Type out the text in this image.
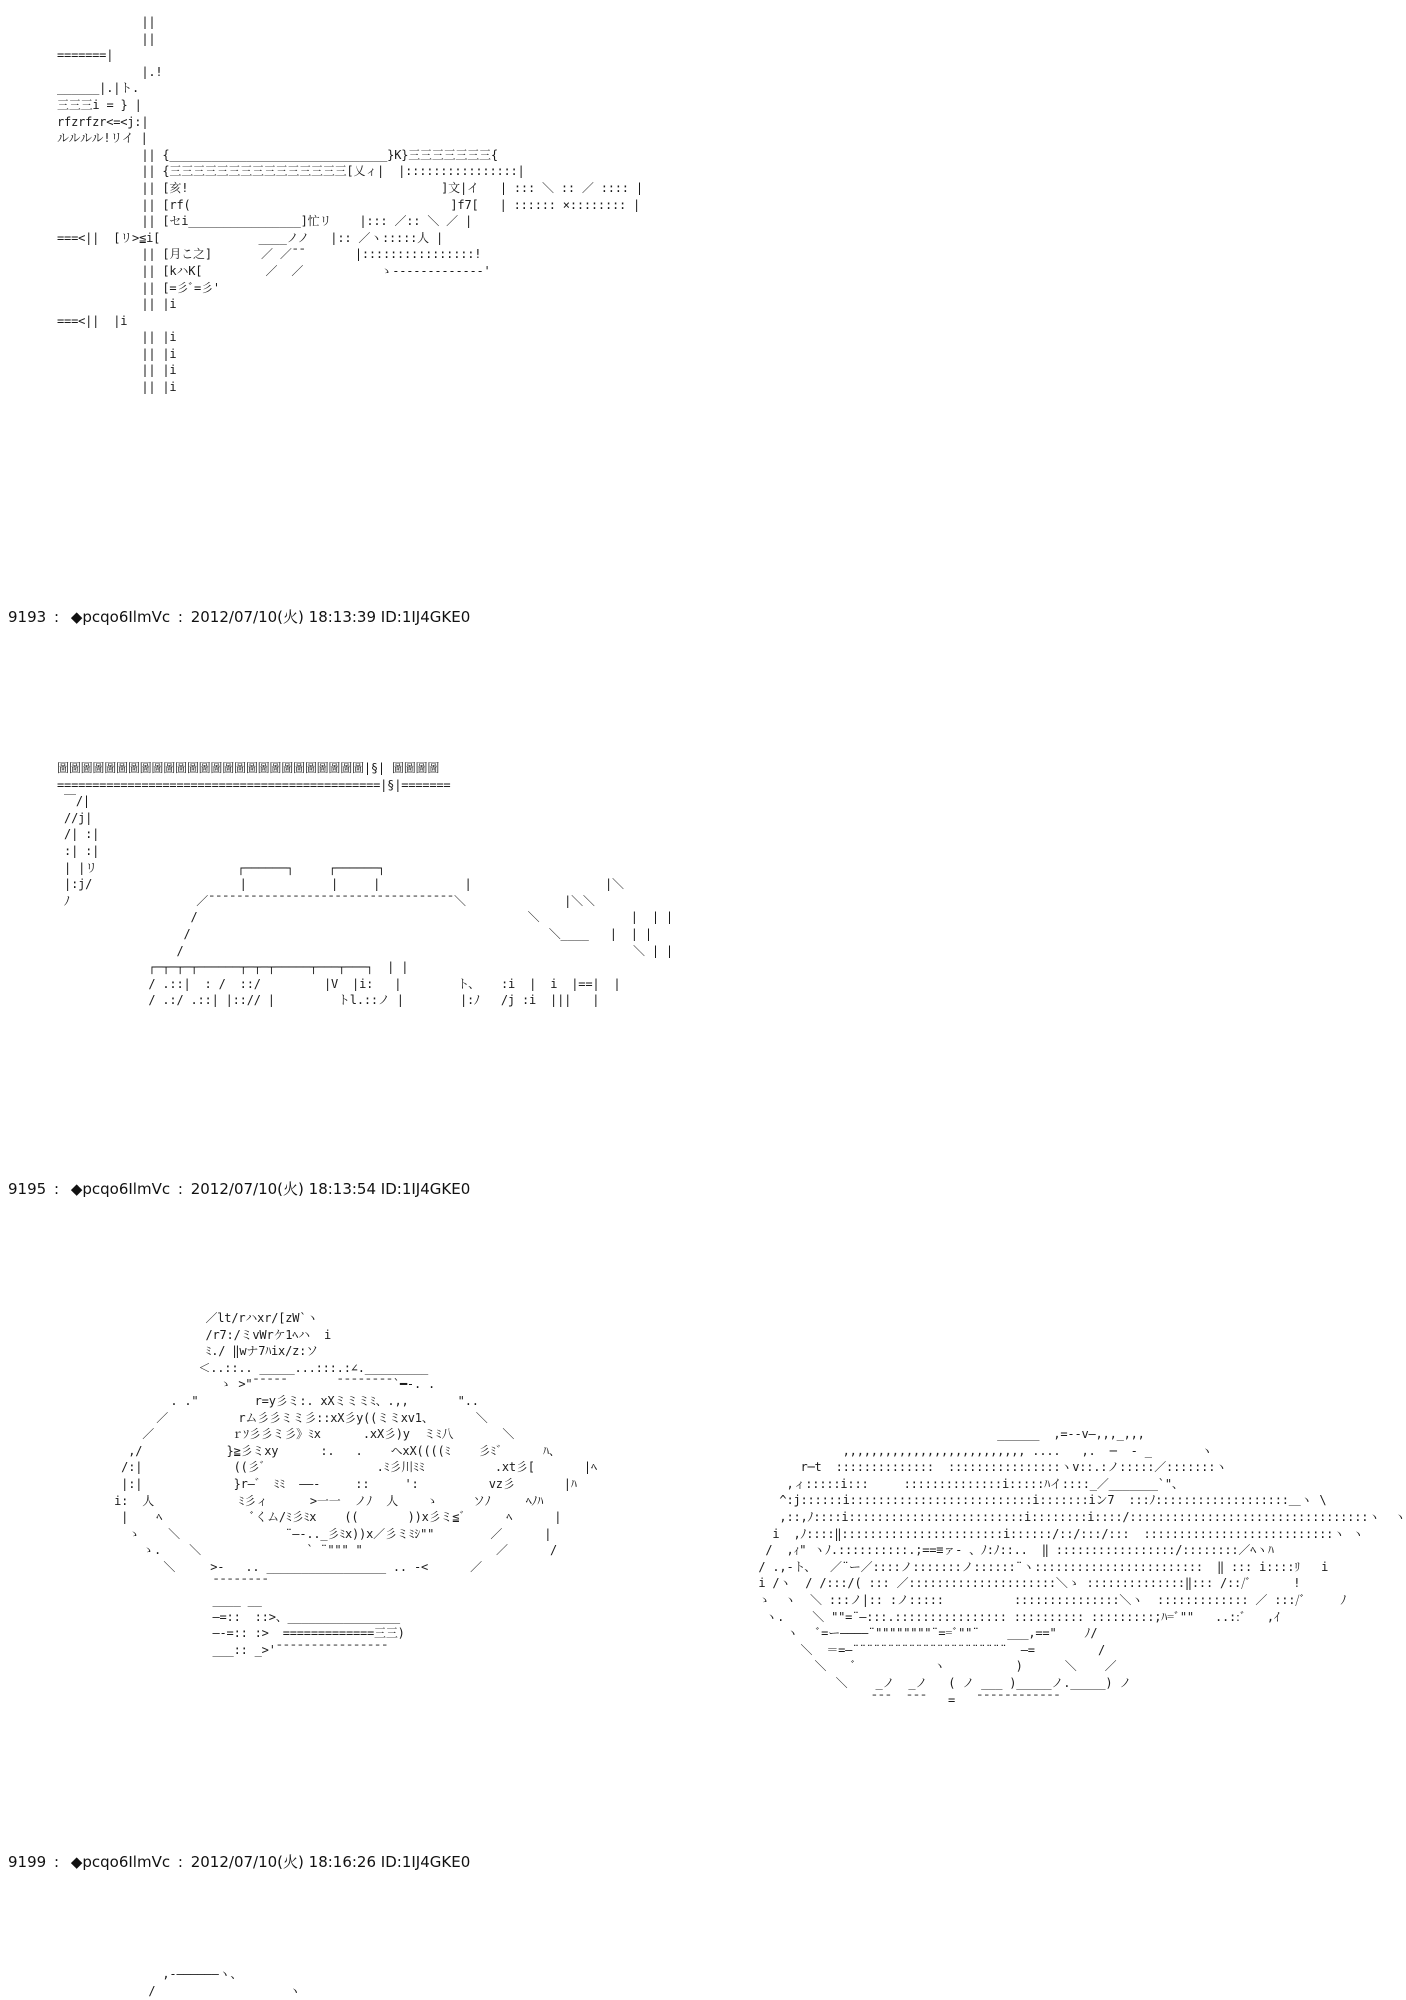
||
||
=======|
|.!
______|.|ト.
三三三i = } |
rfzrfzr<=<j:|
ルルルル!リイ |
|| {_______________________________}K}三三三三三三三{
|| {三三三三三三三三三三三三三三三[乂ィ|  |::::::::::::::::|
|| [亥!                                    ]文|イ   | ::: ＼ :: ／ :::: |
|| [rf(                                     ]f7[   | :::::: ×:::::::: |
|| [セi________________]忙リ    |::: ／:: ＼ ／ |
===<||  [リ>≦i[              ____ノノ   |:: ／ヽ:::::人 |
|| [月こ之]       ／ ／¯¯       |::::::::::::::::!
|| [kハK[         ／  ／           ゝ-------------'
|| [=彡ﾞ=彡'
|| |i
===<||  |i
|| |i
|| |i
|| |i
|| |i
9193 : ◆pcqo6IlmVc : 2012/07/10(火) 18:13:39 ID:1IJ4GKE0
圖圖圖圖圖圖圖圖圖圖圖圖圖圖圖圖圖圖圖圖圖圖圖圖圖圖|§| 圖圖圖圖
==============================================|§|=======
￣/|
//j|
/| :|
:| :|
| |リ                    ┌──────┐     ┌──────┐
|:j/                     |            |     |            |                   |＼
ﾉ                  ／¯¯¯¯¯¯¯¯¯¯¯¯¯¯¯¯¯¯¯¯¯¯¯¯¯¯¯¯¯¯¯¯¯¯¯＼              |＼＼
/                                               ＼             |  | |
/                                                   ＼____   |  | |
/                                                                ＼ | |
┌─┬─┬─┬──────┬─┬─┬─────┬───┬───┐  | |
/ .::|  : /  ::/         |V  |i:   |        ト、   :i  |  i  |==|  |
/ .:/ .::| |::// |         トl.::ノ |        |:ﾉ   /j :i  |||   |
9195 : ◆pcqo6IlmVc : 2012/07/10(火) 18:13:54 ID:1IJ4GKE0
／lt/rハxr/[zW`ヽ
/r7:/ミvWrケ1ﾍハ  i
ﾐ./ ‖wナ7ﾊix/z:ソ
＜..::.. _____...:::.:∠._________
ゝ >"¯¯¯¯¯       ¯¯¯¯¯¯¯¯`━-. .
. ."        r=y彡ミ:. xXミミミﾐ、.,,       "..
／          rム彡彡ミミ彡::xX彡y((ミミxv1、      ＼
／           ｒｿ彡彡ミ彡》ﾐx      .xX彡)y  ミﾐ八       ＼
,/            }≧彡ミxy      :.   .    ヘxX((((ﾐ    彡ﾐ゛     ﾊ、
/:|             ((彡゛               .ﾐ彡川ﾐﾐ          .xt彡[       |ﾍ
|:|             }r―゛ ﾐﾐ  ――-     ::     ':          vz彡       |ﾊ
i:  人            ﾐ彡ィ      >一一  ノﾉ  人    ゝ     ソﾉ     ﾍﾉﾊ
|    ﾍ             ﾞくム/ﾐ彡ﾐx    ((       ))x彡ミ≦゛     ﾍ      |
ゝ    ＼               ¨―-.._彡ﾐx))x／彡ミﾐｼ""        ／      |
ゝ.    ＼               ` ¨""" "                   ／      /
＼     >-   .. _________________ .. -<      ／
¯¯¯¯¯¯¯¯
____ __
―=::  ::>、________________
―-=:: :>  =============三三)
___:: _>'¯¯¯¯¯¯¯¯¯¯¯¯¯¯¯¯
______  ,=--v―,,,_,,,
,,,,,,,,,,,,,,,,,,,,,,,,,, ....   ,.  ─  ‐ _       ヽ
r─t  ::::::::::::::  ::::::::::::::::ヽv::.:ノ:::::／:::::::ヽ
,ィ:::::i:::     ::::::::::::::i:::::ﾊイ::::_／_______`"、
^:j::::::i::::::::::::::::::::::::::i:::::::iン7  :::ﾉ:::::::::::::::::::＿ヽ \
,::,ﾉ::::i:::::::::::::::::::::::::i::::::::i::::/::::::::::::::::::::::::::::::::::ヽ  ヽ
i  ,ﾉ::::‖:::::::::::::::::::::::i::::::/::/:::/:::  :::::::::::::::::::::::::::ヽ ヽ
/  ,ｨ" ヽﾉ.::::::::::.;==≡ァ- 、ﾉ:ﾉ::..  ‖ :::::::::::::::::/::::::::／ﾍヽﾊ
/ .,-ト、  ／¨ー／::::ノ:::::::ノ::::::¨ヽ::::::::::::::::::::::::  ‖ ::: i::::ﾘ   i
i /ヽ  / /:::/( ::: ／:::::::::::::::::::::＼ゝ ::::::::::::::‖::: /::/ﾞ      !
ゝ  ヽ  ＼ :::ノ|:: :ノ:::::          :::::::::::::::＼ヽ  ::::::::::::: ／ :::/ﾞ     ﾉ
ヽ.    ＼ ""=¨―:::.:::::::::::::::: :::::::::: :::::::::;ﾊ=ﾞ""   ..::ﾞ   ,ｲ
ヽ   ﾞ=ー――――¨""""""""¨==ﾞ""¨    ___,=="    ﾉ/
＼  ＝=―¨¨¨¨¨¨¨¨¨¨¨¨¨¨¨¨¨¨¨¨¨¨  ―=         /
＼    ﾞ           ヽ          )      ＼    ／
＼    _ノ  _ノ   ( ノ ___ )_____ノ._____) ノ
¯¯¯  ¯¯¯   =   ¯¯¯¯¯¯¯¯¯¯¯¯
9199 : ◆pcqo6IlmVc : 2012/07/10(火) 18:16:26 ID:1IJ4GKE0
,‐――――――ヽ、
/                   ヽ
